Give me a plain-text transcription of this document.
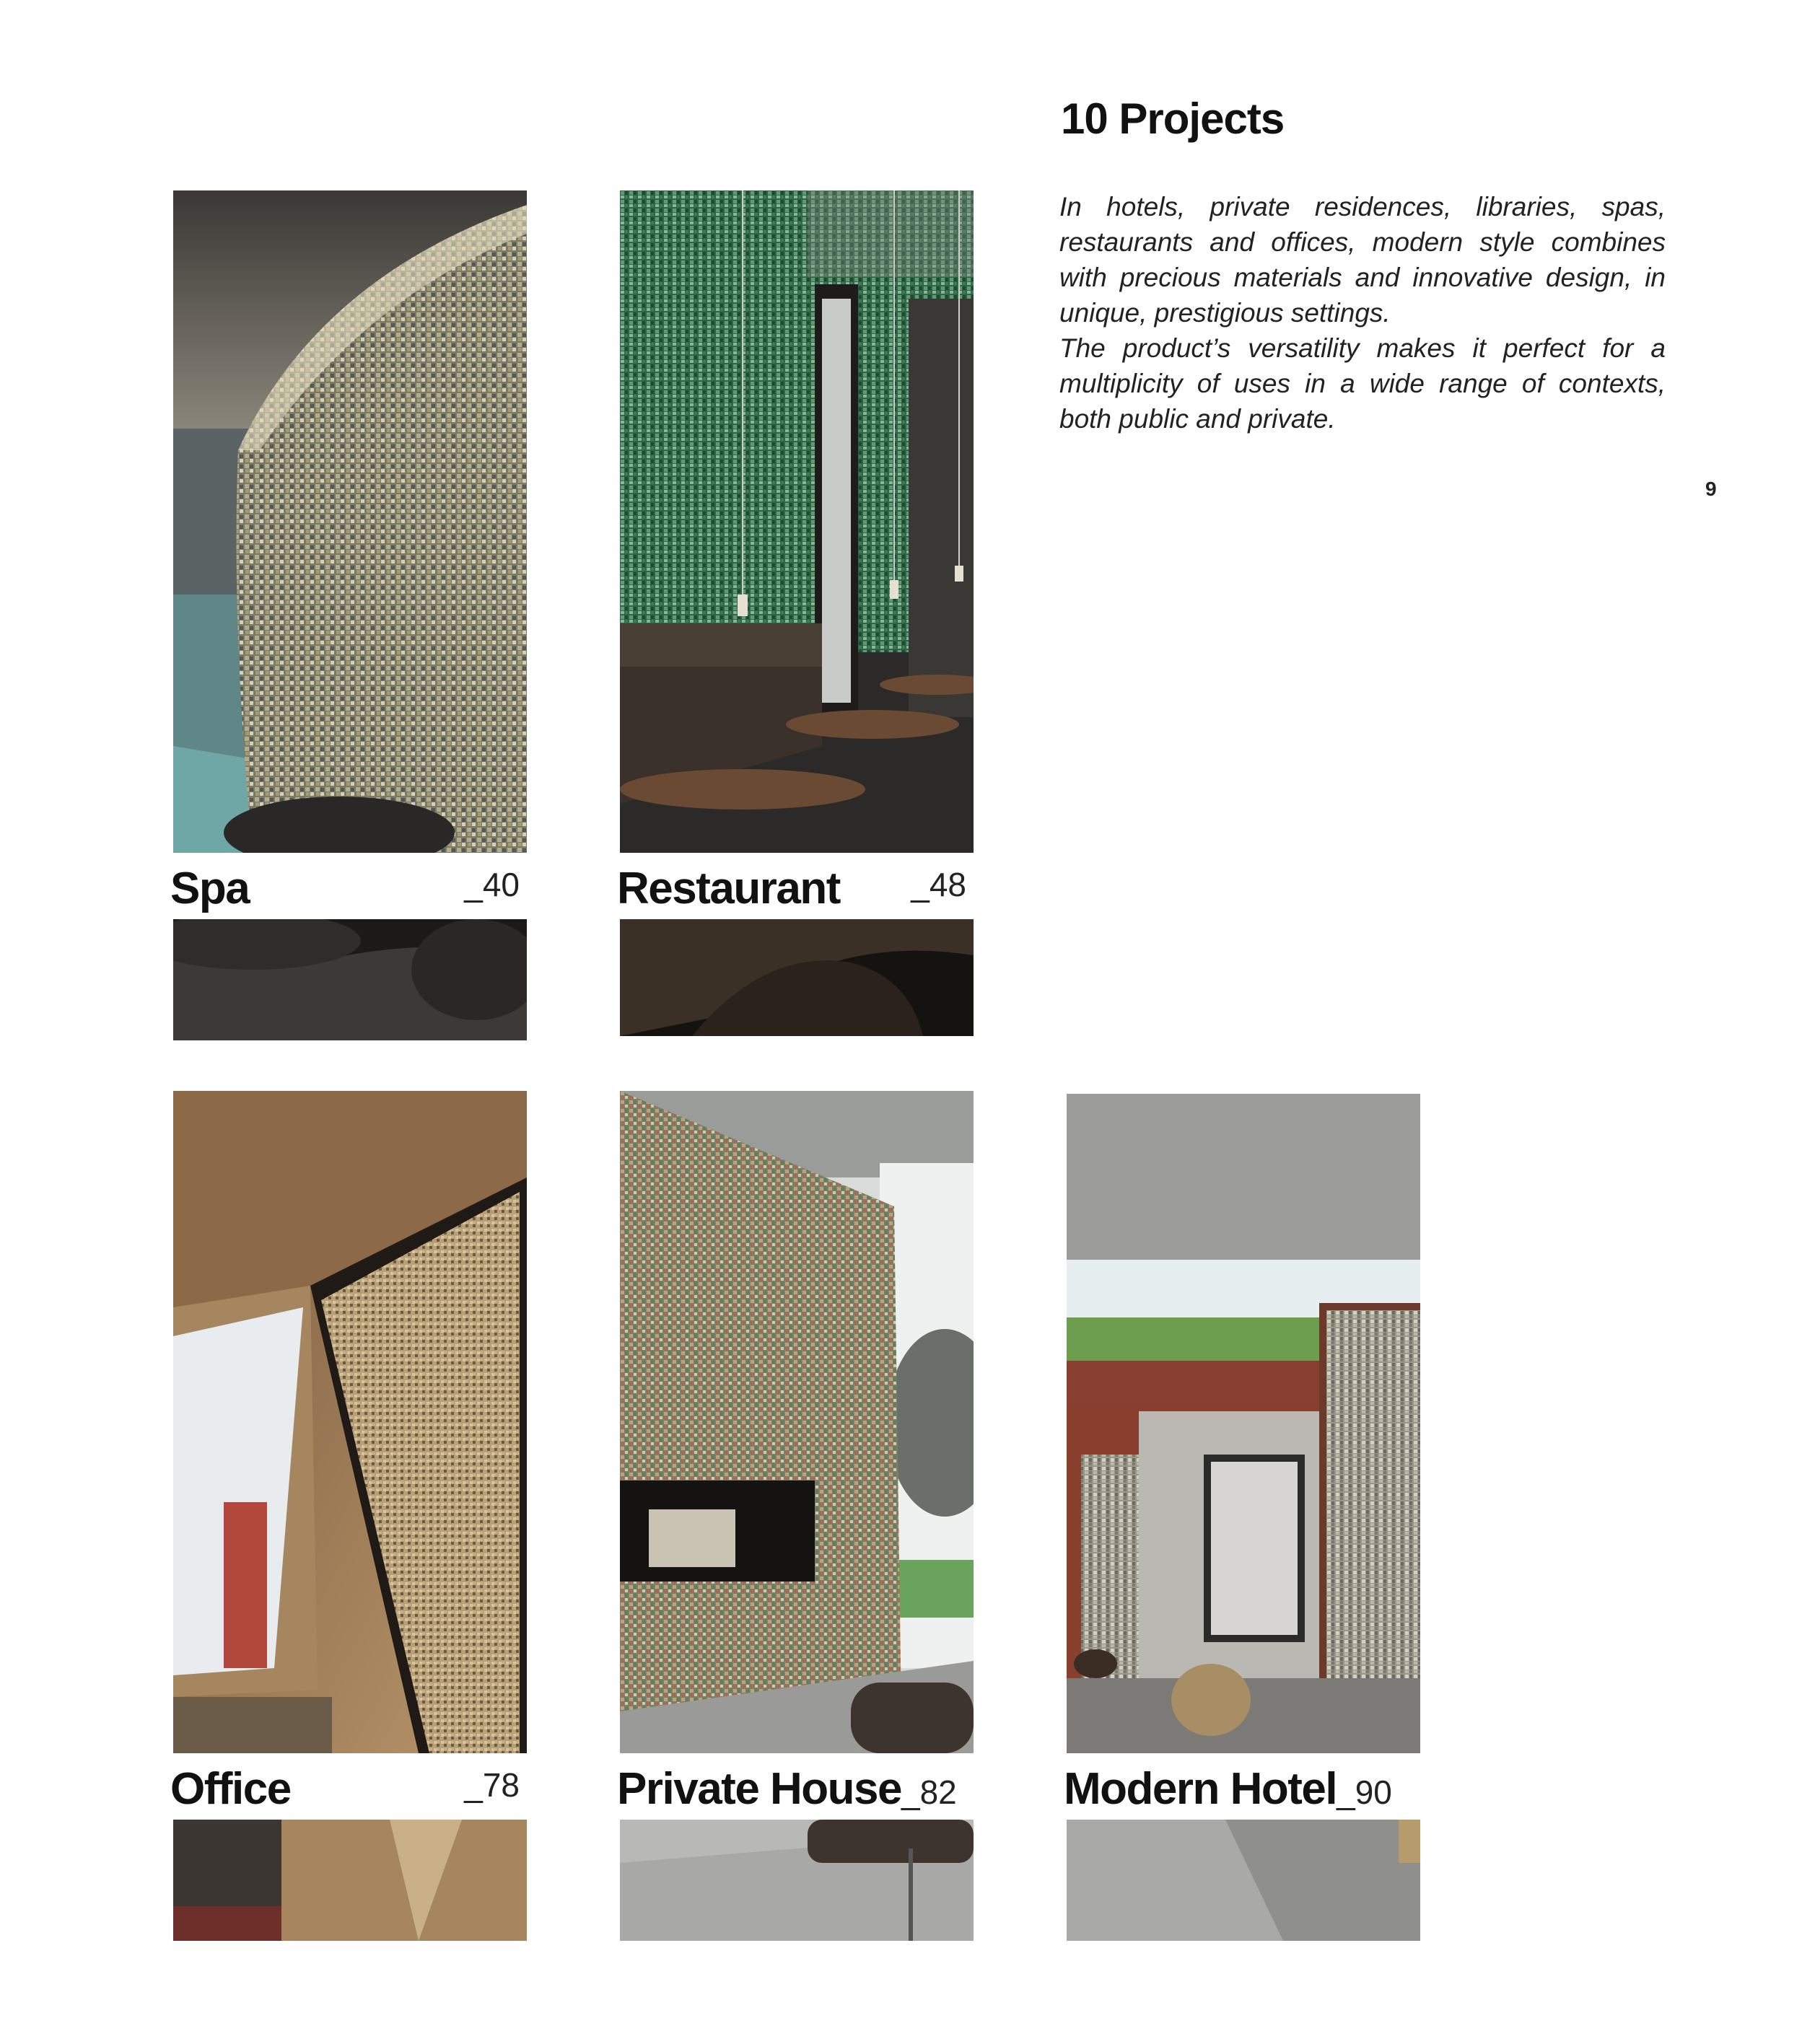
10 Projects

In hotels, private residences, libraries, spas, restaurants and offices, modern style combines with precious materials and innovative design, in unique, prestigious settings.

The product’s versatility makes it perfect for a multiplicity of uses in a wide range of contexts, both public and private.

9
Spa	_40 Restaurant _48
Office	_78 Private House_82	Modern Hotel_90
